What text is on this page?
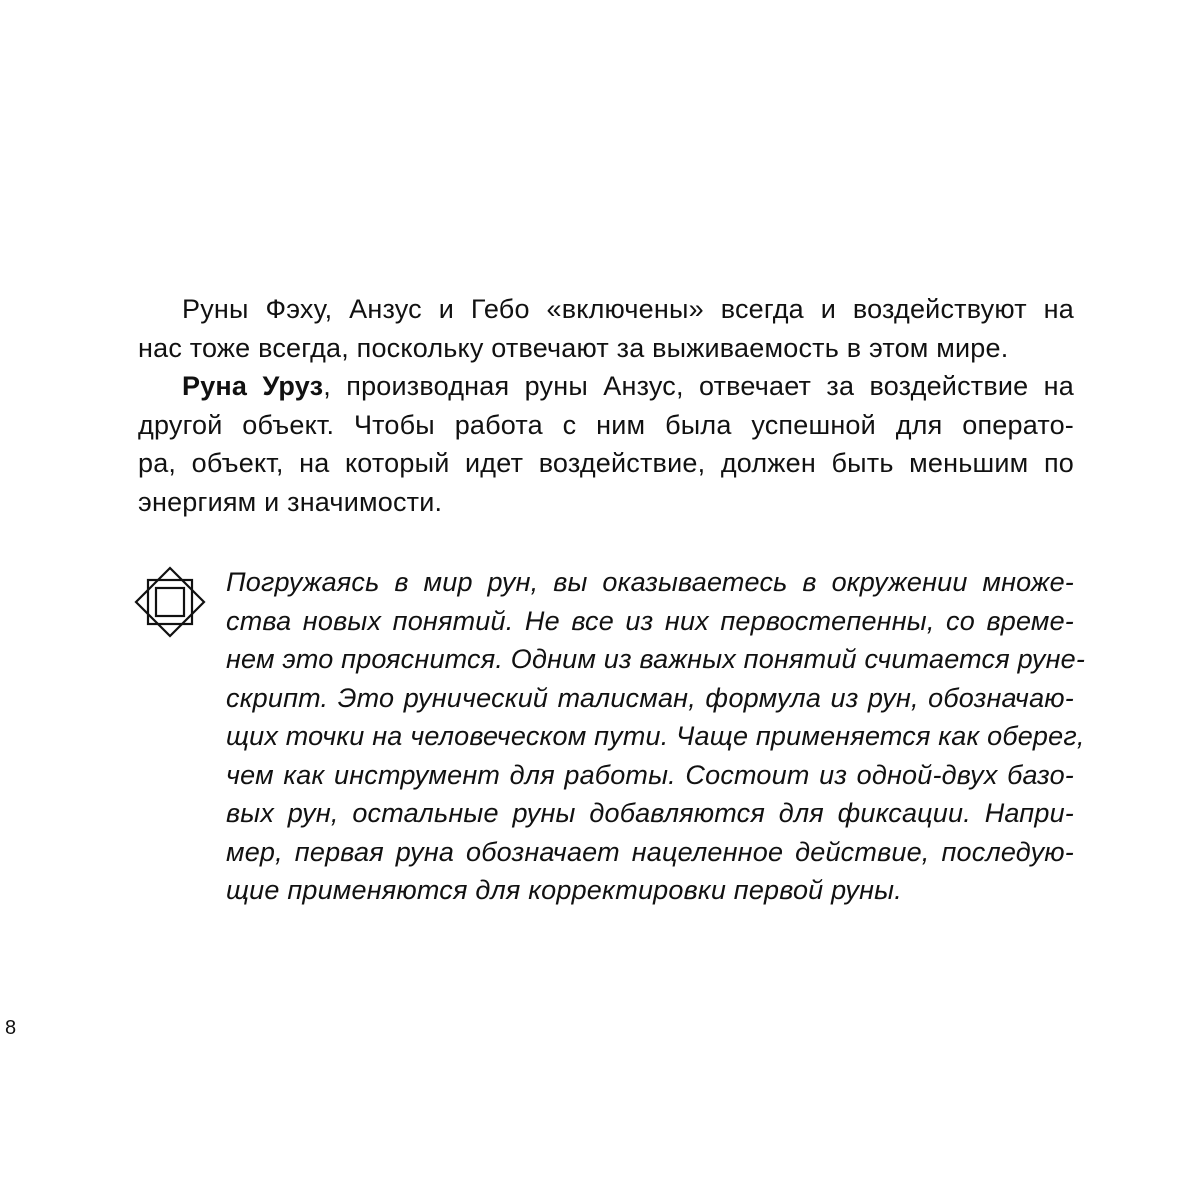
Руны Фэху, Анзус и Гебо «включены» всегда и воздействуют на
нас тоже всегда, поскольку отвечают за выживаемость в этом мире.
Руна Уруз, производная руны Анзус, отвечает за воздействие на
другой объект. Чтобы работа с ним была успешной для операто-
ра, объект, на который идет воздействие, должен быть меньшим по
энергиям и значимости.
Погружаясь в мир рун, вы оказываетесь в окружении множе-
ства новых понятий. Не все из них первостепенны, со време-
нем это прояснится. Одним из важных понятий считается руне-
скрипт. Это рунический талисман, формула из рун, обозначаю-
щих точки на человеческом пути. Чаще применяется как оберег,
чем как инструмент для работы. Состоит из одной-двух базо-
вых рун, остальные руны добавляются для фиксации. Напри-
мер, первая руна обозначает нацеленное действие, последую-
щие применяются для корректировки первой руны.
8
